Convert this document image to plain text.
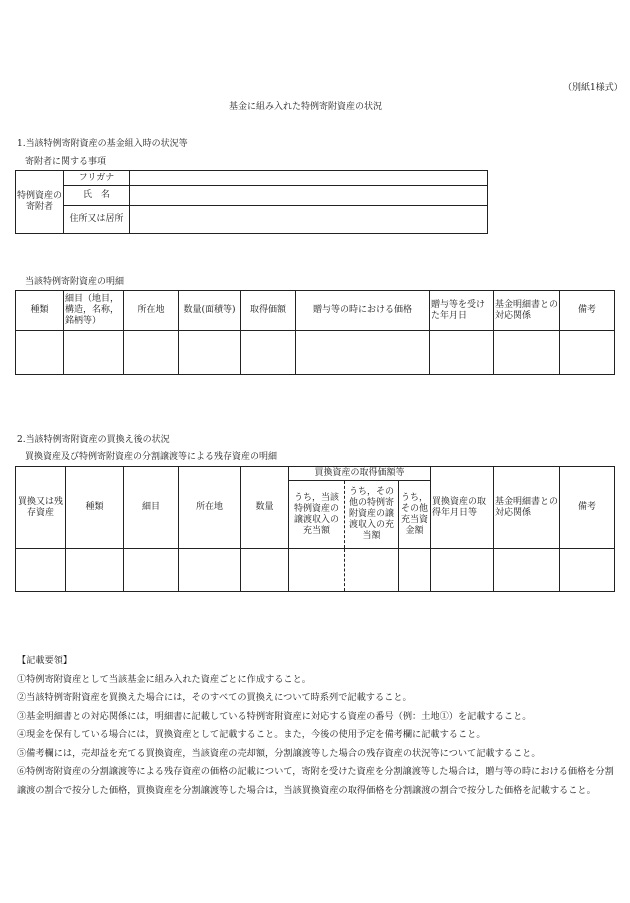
（別紙1様式）
基金に組み入れた特例寄附資産の状況
1.当該特例寄附資産の基金組入時の状況等
寄附者に関する事項
特例資産の寄附者	フリガナ	
	氏　名	
	住所又は居所	
当該特例寄附資産の明細
種類	細目（地目，構造，名称，銘柄等）	所在地	数量(面積等)	取得価額	贈与等の時における価格	贈与等を受けた年月日	基金明細書との対応関係	備考

2.当該特例寄附資産の買換え後の状況
買換資産及び特例寄附資産の分割譲渡等による残存資産の明細
買換又は残存資産	種類	細目	所在地	数量	買換資産の取得価額等			買換資産の取得年月日等	基金明細書との対応関係	備考
					うち，当該特例資産の譲渡収入の充当額	うち，その他の特例寄附資産の譲渡収入の充当額	うち，その他充当資金額			

【記載要領】
①特例寄附資産として当該基金に組み入れた資産ごとに作成すること。
②当該特例寄附資産を買換えた場合には，そのすべての買換えについて時系列で記載すること。
③基金明細書との対応関係には，明細書に記載している特例寄附資産に対応する資産の番号（例：土地①）を記載すること。
④現金を保有している場合には，買換資産として記載すること。また，今後の使用予定を備考欄に記載すること。
⑤備考欄には，売却益を充てる買換資産，当該資産の売却額，分割譲渡等した場合の残存資産の状況等について記載すること。
⑥特例寄附資産の分割譲渡等による残存資産の価格の記載について，寄附を受けた資産を分割譲渡等した場合は，贈与等の時における価格を分割譲渡の割合で按分した価格，買換資産を分割譲渡等した場合は，当該買換資産の取得価格を分割譲渡の割合で按分した価格を記載すること。
